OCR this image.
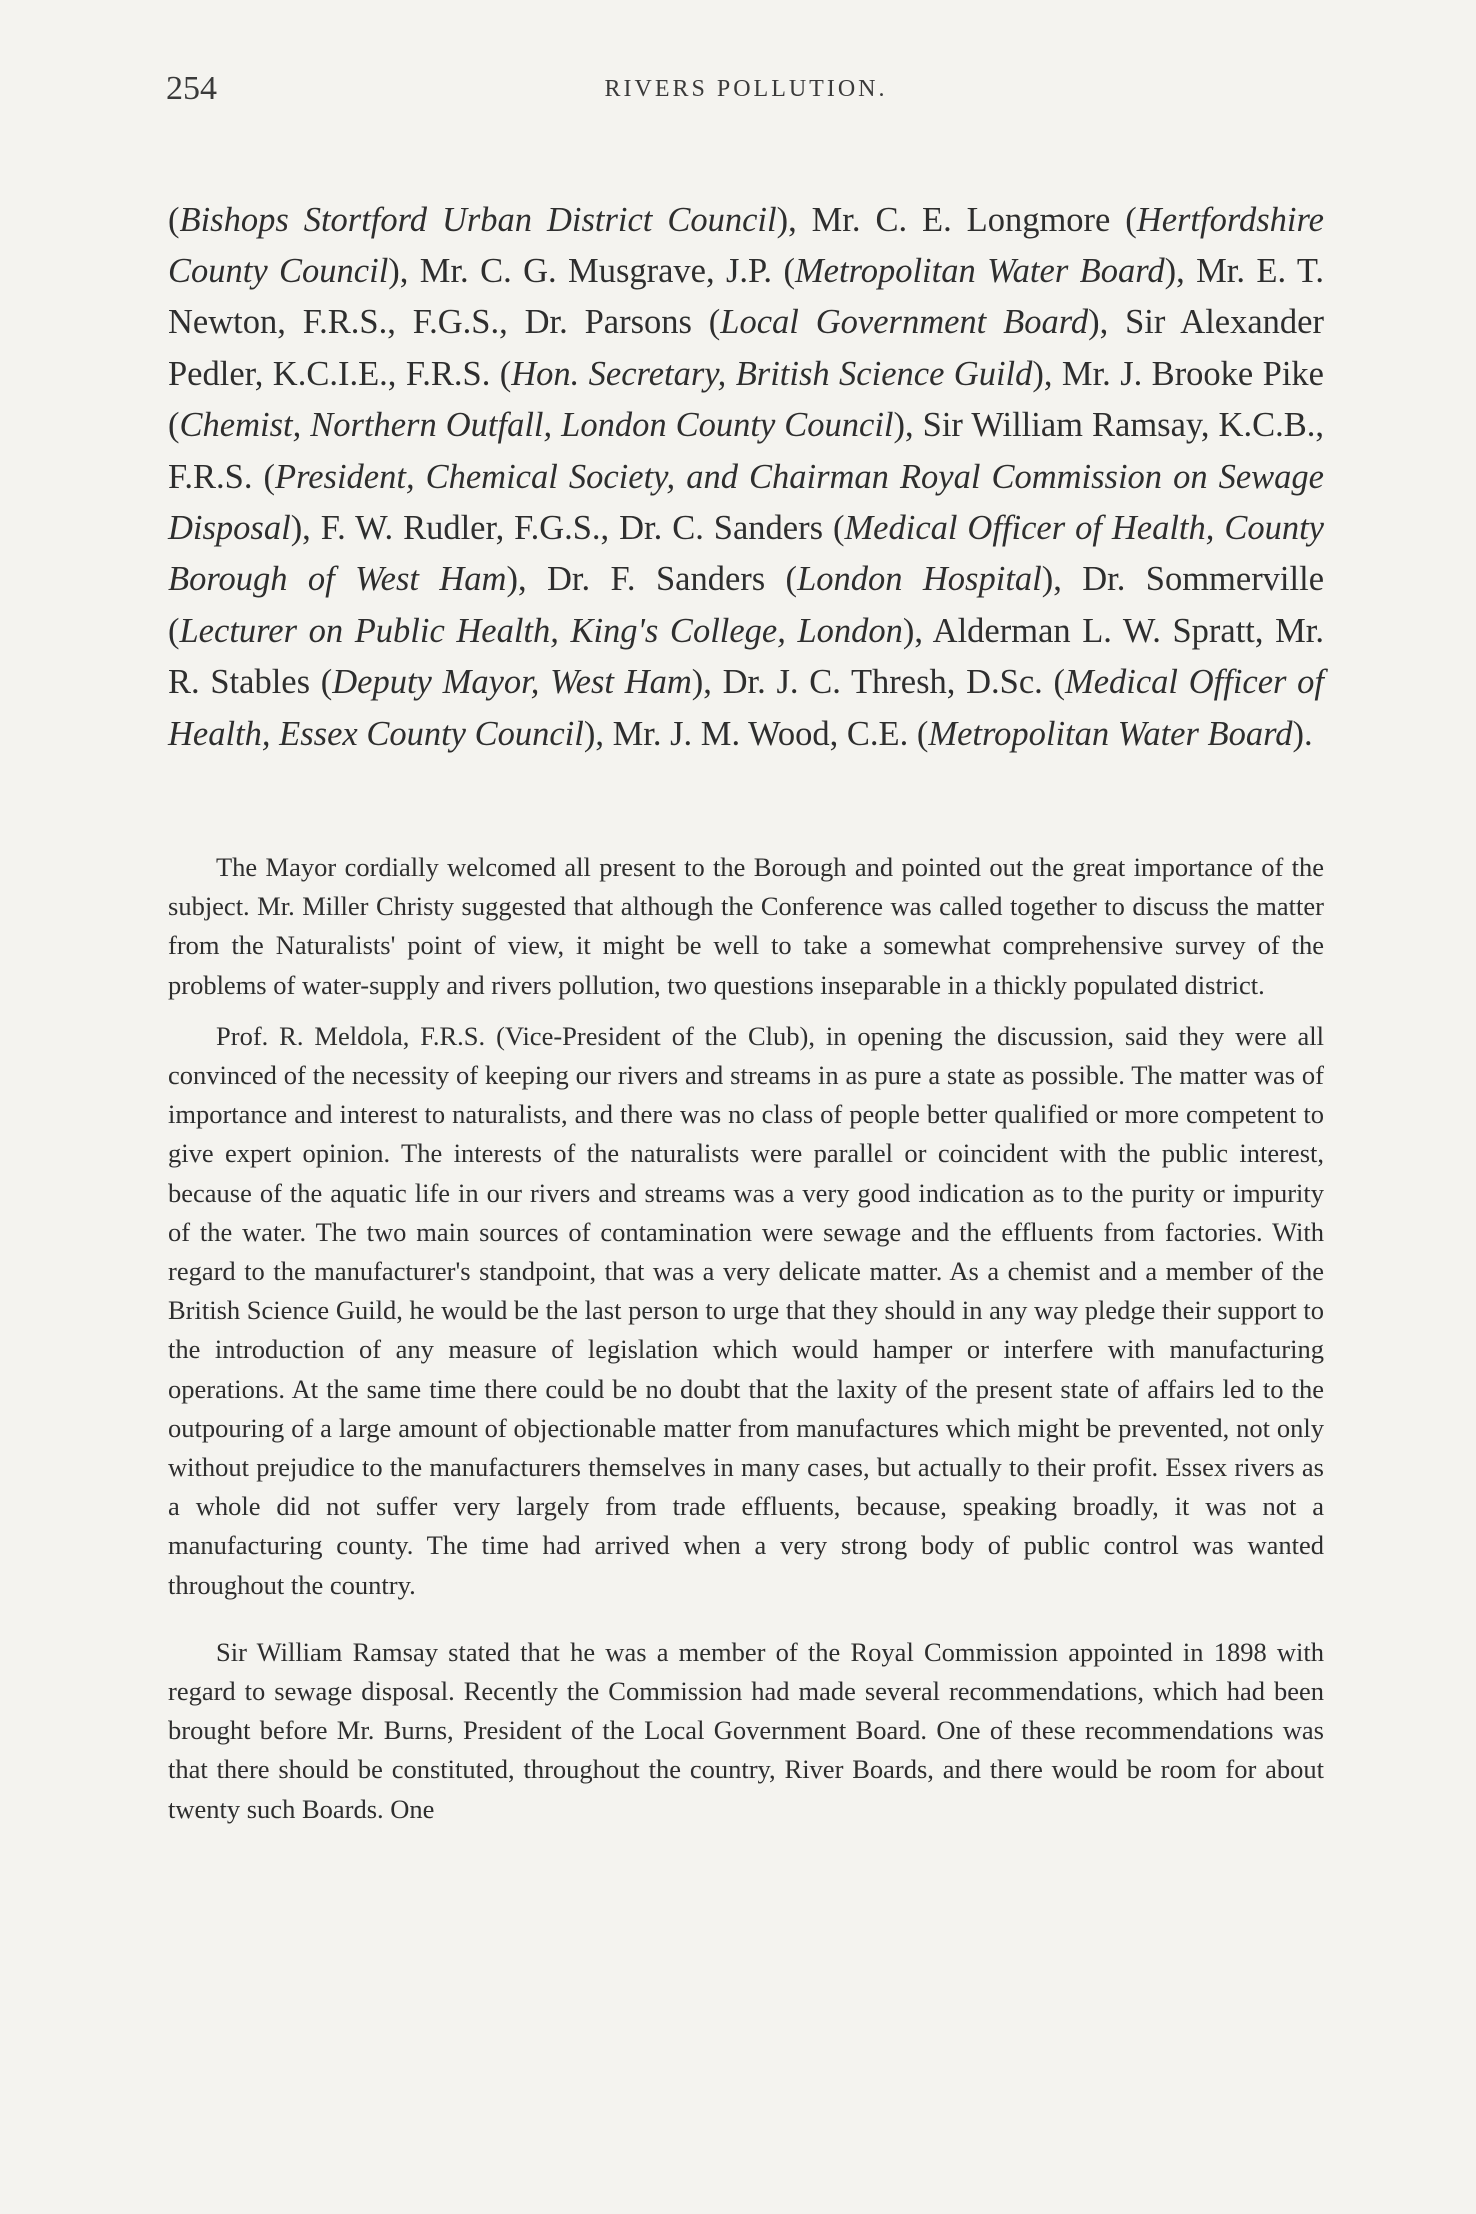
254	RIVERS POLLUTION.

(Bishops Stortford Urban District Council), Mr. C. E. Longmore (Hertfordshire County Council), Mr. C. G. Musgrave, J.P. (Metropolitan Water Board), Mr. E. T. Newton, F.R.S., F.G.S., Dr. Parsons (Local Government Board), Sir Alexander Pedler, K.C.I.E., F.R.S. (Hon. Secretary, British Science Guild), Mr. J. Brooke Pike (Chemist, Northern Outfall, London County Council), Sir William Ramsay, K.C.B., F.R.S. (President, Chemical Society, and Chairman Royal Commission on Sewage Disposal), F. W. Rudler, F.G.S., Dr. C. Sanders (Medical Officer of Health, County Borough of West Ham), Dr. F. Sanders (London Hospital), Dr. Sommerville (Lecturer on Public Health, King's College, London), Alderman L. W. Spratt, Mr. R. Stables (Deputy Mayor, West Ham), Dr. J. C. Thresh, D.Sc. (Medical Officer of Health, Essex County Council), Mr. J. M. Wood, C.E. (Metropolitan Water Board).

The Mayor cordially welcomed all present to the Borough and pointed out the great importance of the subject. Mr. Miller Christy suggested that although the Conference was called together to discuss the matter from the Naturalists' point of view, it might be well to take a somewhat comprehensive survey of the problems of water-supply and rivers pollution, two questions inseparable in a thickly populated district.

Prof. R. Meldola, F.R.S. (Vice-President of the Club), in opening the discussion, said they were all convinced of the necessity of keeping our rivers and streams in as pure a state as possible. The matter was of importance and interest to naturalists, and there was no class of people better qualified or more competent to give expert opinion. The interests of the naturalists were parallel or coincident with the public interest, because of the aquatic life in our rivers and streams was a very good indication as to the purity or impurity of the water. The two main sources of contamination were sewage and the effluents from factories. With regard to the manufacturer's standpoint, that was a very delicate matter. As a chemist and a member of the British Science Guild, he would be the last person to urge that they should in any way pledge their support to the introduction of any measure of legislation which would hamper or interfere with manufacturing operations. At the same time there could be no doubt that the laxity of the present state of affairs led to the outpouring of a large amount of objectionable matter from manufactures which might be prevented, not only without prejudice to the manufacturers themselves in many cases, but actually to their profit. Essex rivers as a whole did not suffer very largely from trade effluents, because, speaking broadly, it was not a manufacturing county. The time had arrived when a very strong body of public control was wanted throughout the country.

Sir William Ramsay stated that he was a member of the Royal Commission appointed in 1898 with regard to sewage disposal. Recently the Commission had made several recommendations, which had been brought before Mr. Burns, President of the Local Government Board. One of these recommendations was that there should be constituted, throughout the country, River Boards, and there would be room for about twenty such Boards. One
